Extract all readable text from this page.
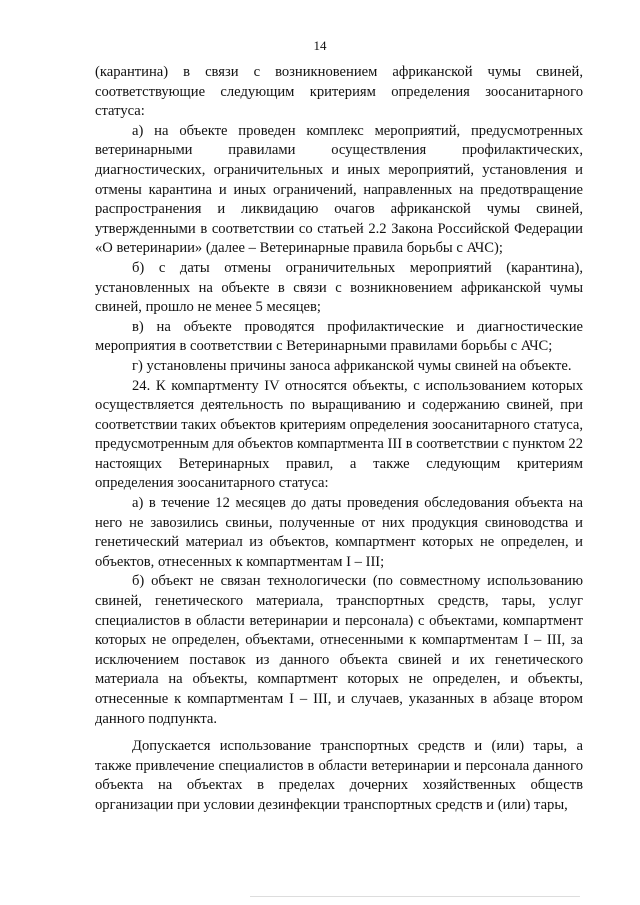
14

(карантина) в связи с возникновением африканской чумы свиней, соответствующие следующим критериям определения зоосанитарного статуса:

а) на объекте проведен комплекс мероприятий, предусмотренных ветеринарными правилами осуществления профилактических, диагностических, ограничительных и иных мероприятий, установления и отмены карантина и иных ограничений, направленных на предотвращение распространения и ликвидацию очагов африканской чумы свиней, утвержденными в соответствии со статьей 2.2 Закона Российской Федерации «О ветеринарии» (далее – Ветеринарные правила борьбы с АЧС);

б) с даты отмены ограничительных мероприятий (карантина), установленных на объекте в связи с возникновением африканской чумы свиней, прошло не менее 5 месяцев;

в) на объекте проводятся профилактические и диагностические мероприятия в соответствии с Ветеринарными правилами борьбы с АЧС;

г) установлены причины заноса африканской чумы свиней на объекте.

24. К компартменту IV относятся объекты, с использованием которых осуществляется деятельность по выращиванию и содержанию свиней, при соответствии таких объектов критериям определения зоосанитарного статуса, предусмотренным для объектов компартмента III в соответствии с пунктом 22 настоящих Ветеринарных правил, а также следующим критериям определения зоосанитарного статуса:

а) в течение 12 месяцев до даты проведения обследования объекта на него не завозились свиньи, полученные от них продукция свиноводства и генетический материал из объектов, компартмент которых не определен, и объектов, отнесенных к компартментам I – III;

б) объект не связан технологически (по совместному использованию свиней, генетического материала, транспортных средств, тары, услуг специалистов в области ветеринарии и персонала) с объектами, компартмент которых не определен, объектами, отнесенными к компартментам I – III, за исключением поставок из данного объекта свиней и их генетического материала на объекты, компартмент которых не определен, и объекты, отнесенные к компартментам I – III, и случаев, указанных в абзаце втором данного подпункта.

Допускается использование транспортных средств и (или) тары, а также привлечение специалистов в области ветеринарии и персонала данного объекта на объектах в пределах дочерних хозяйственных обществ организации при условии дезинфекции транспортных средств и (или) тары,
